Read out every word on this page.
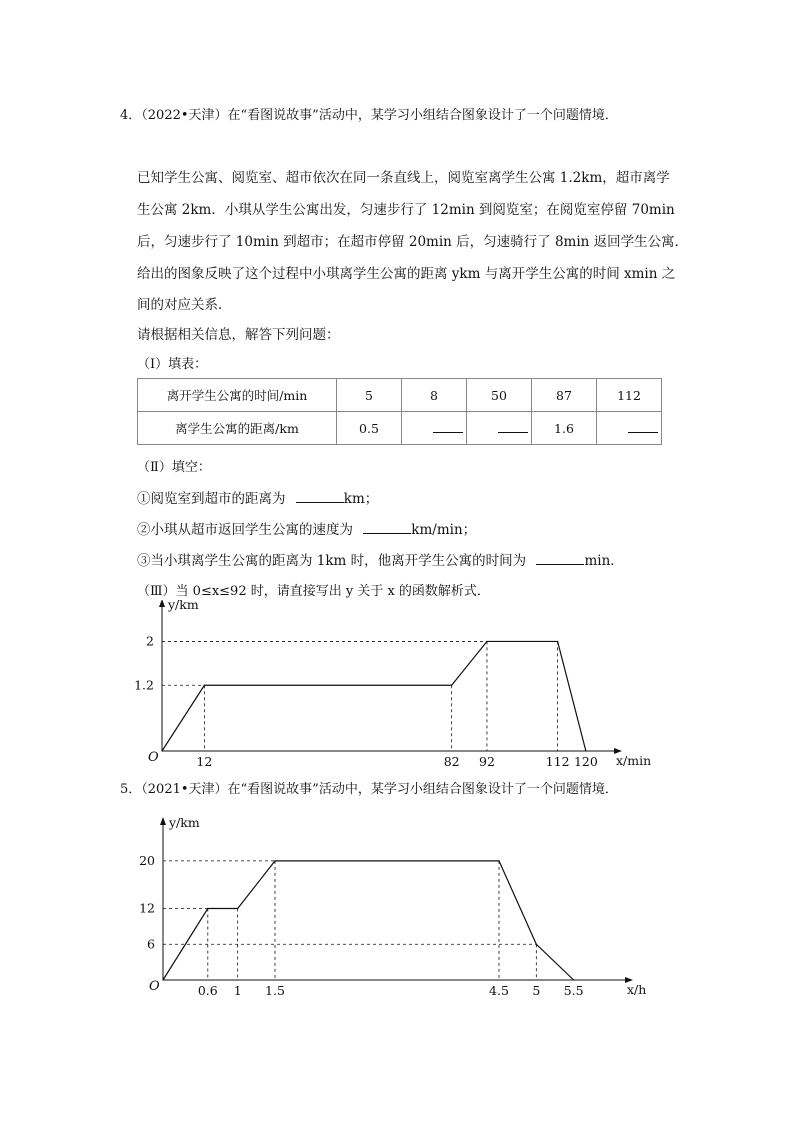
4．（2022•天津）在“看图说故事”活动中，某学习小组结合图象设计了一个问题情境．
已知学生公寓、阅览室、超市依次在同一条直线上，阅览室离学生公寓 1.2km，超市离学
生公寓 2km．小琪从学生公寓出发，匀速步行了 12min 到阅览室；在阅览室停留 70min
后，匀速步行了 10min 到超市；在超市停留 20min 后，匀速骑行了 8min 返回学生公寓．
给出的图象反映了这个过程中小琪离学生公寓的距离 ykm 与离开学生公寓的时间 xmin 之
间的对应关系．
请根据相关信息，解答下列问题：
（Ⅰ）填表：
离开学生公寓的时间/min	5	8	50	87	112
离学生公寓的距离/km	0.5			1.6	
（Ⅱ）填空：
①阅览室到超市的距离为	km；
②小琪从超市返回学生公寓的速度为	km/min；
③当小琪离学生公寓的距离为 1km 时，他离开学生公寓的时间为	min．
（Ⅲ）当 0≤x≤92 时，请直接写出 y 关于 x 的函数解析式．
O
y/km
x/min
12	82 92	112 120
1.2
2
5．（2021•天津）在“看图说故事”活动中，某学习小组结合图象设计了一个问题情境．
O
y/km
x/h
0.6 1 1.5	4.5 5 5.5
6
12
20
